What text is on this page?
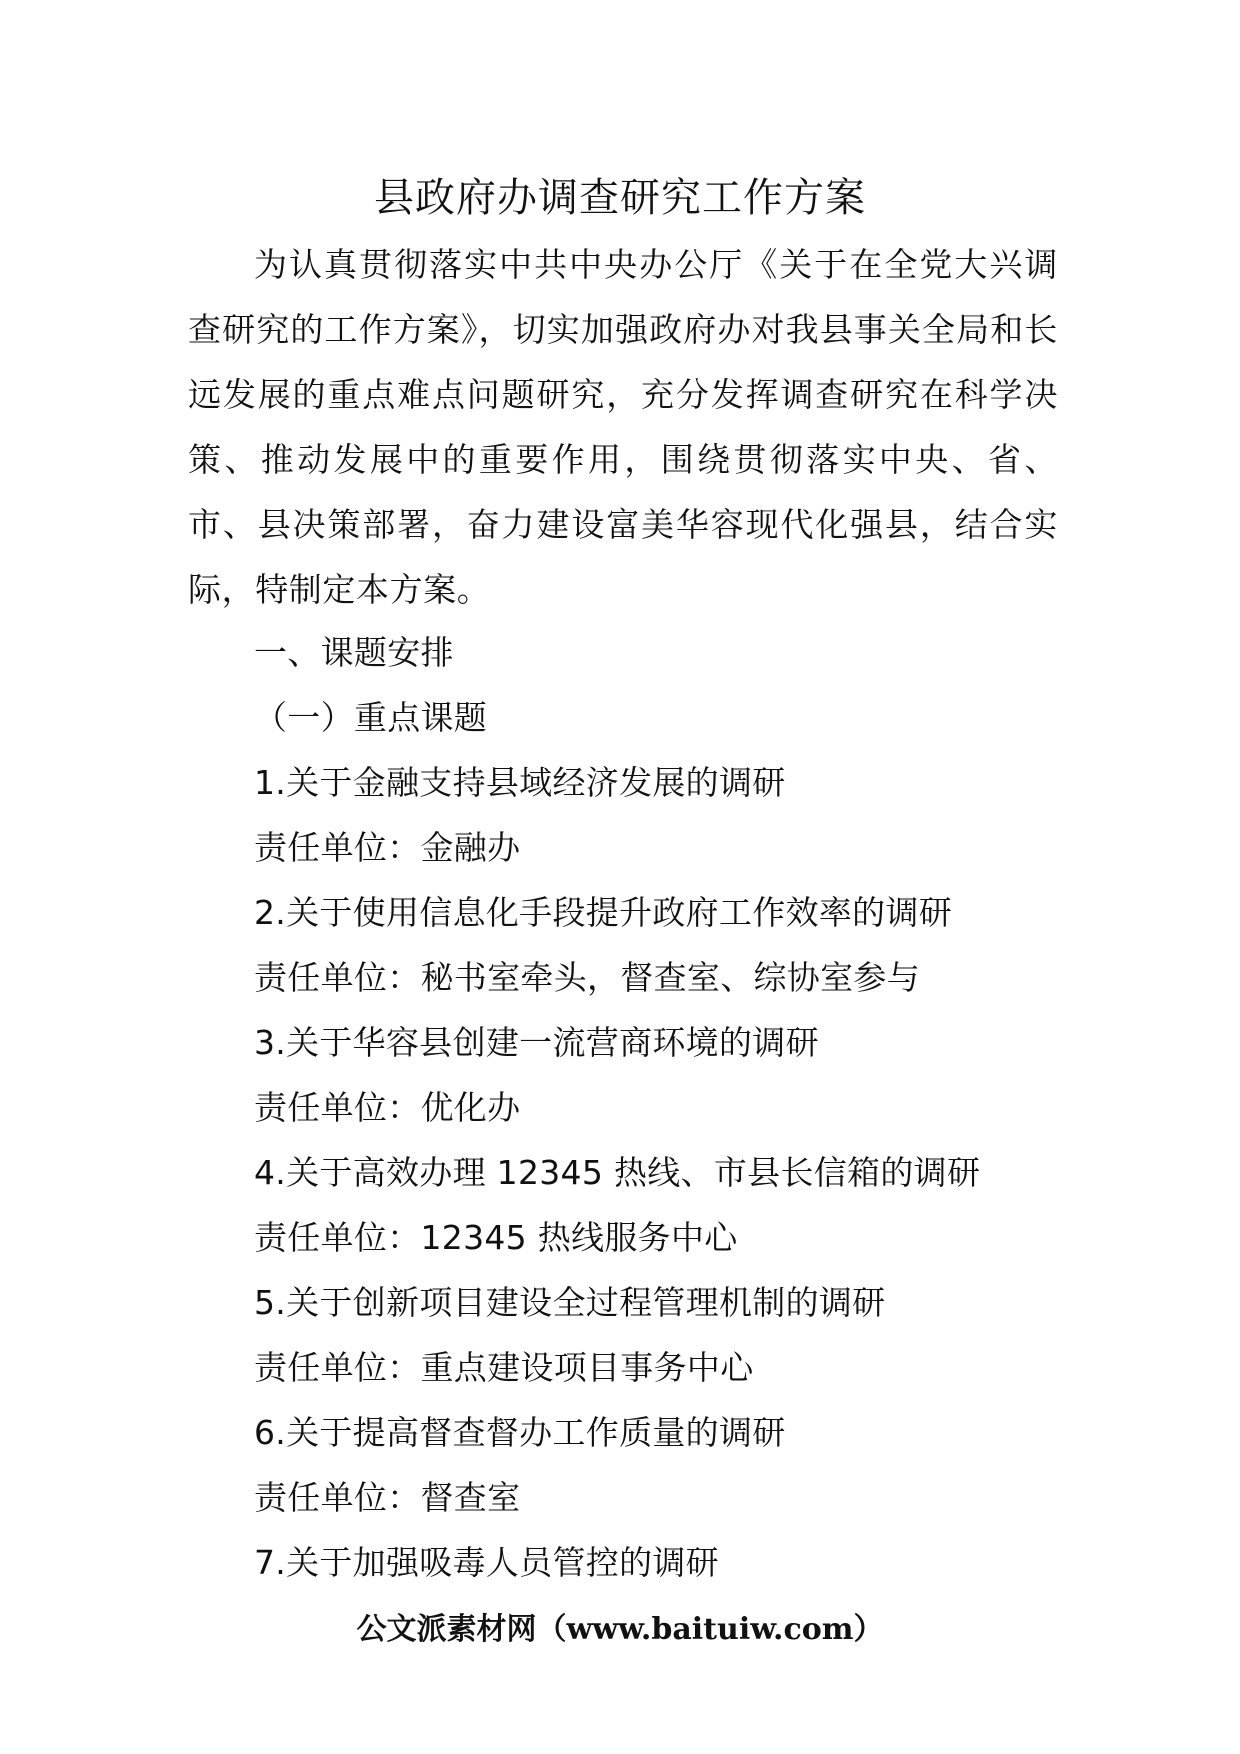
县政府办调查研究工作方案

为认真贯彻落实中共中央办公厅《关于在全党大兴调查研究的工作方案》，切实加强政府办对我县事关全局和长远发展的重点难点问题研究，充分发挥调查研究在科学决策、推动发展中的重要作用，围绕贯彻落实中央、省、市、县决策部署，奋力建设富美华容现代化强县，结合实际，特制定本方案。

一、课题安排
（一）重点课题
1.关于金融支持县域经济发展的调研
责任单位：金融办
2.关于使用信息化手段提升政府工作效率的调研
责任单位：秘书室牵头，督查室、综协室参与
3.关于华容县创建一流营商环境的调研
责任单位：优化办
4.关于高效办理 12345 热线、市县长信箱的调研
责任单位：12345 热线服务中心
5.关于创新项目建设全过程管理机制的调研
责任单位：重点建设项目事务中心
6.关于提高督查督办工作质量的调研
责任单位：督查室
7.关于加强吸毒人员管控的调研
公文派素材网（www.baituiw.com）
